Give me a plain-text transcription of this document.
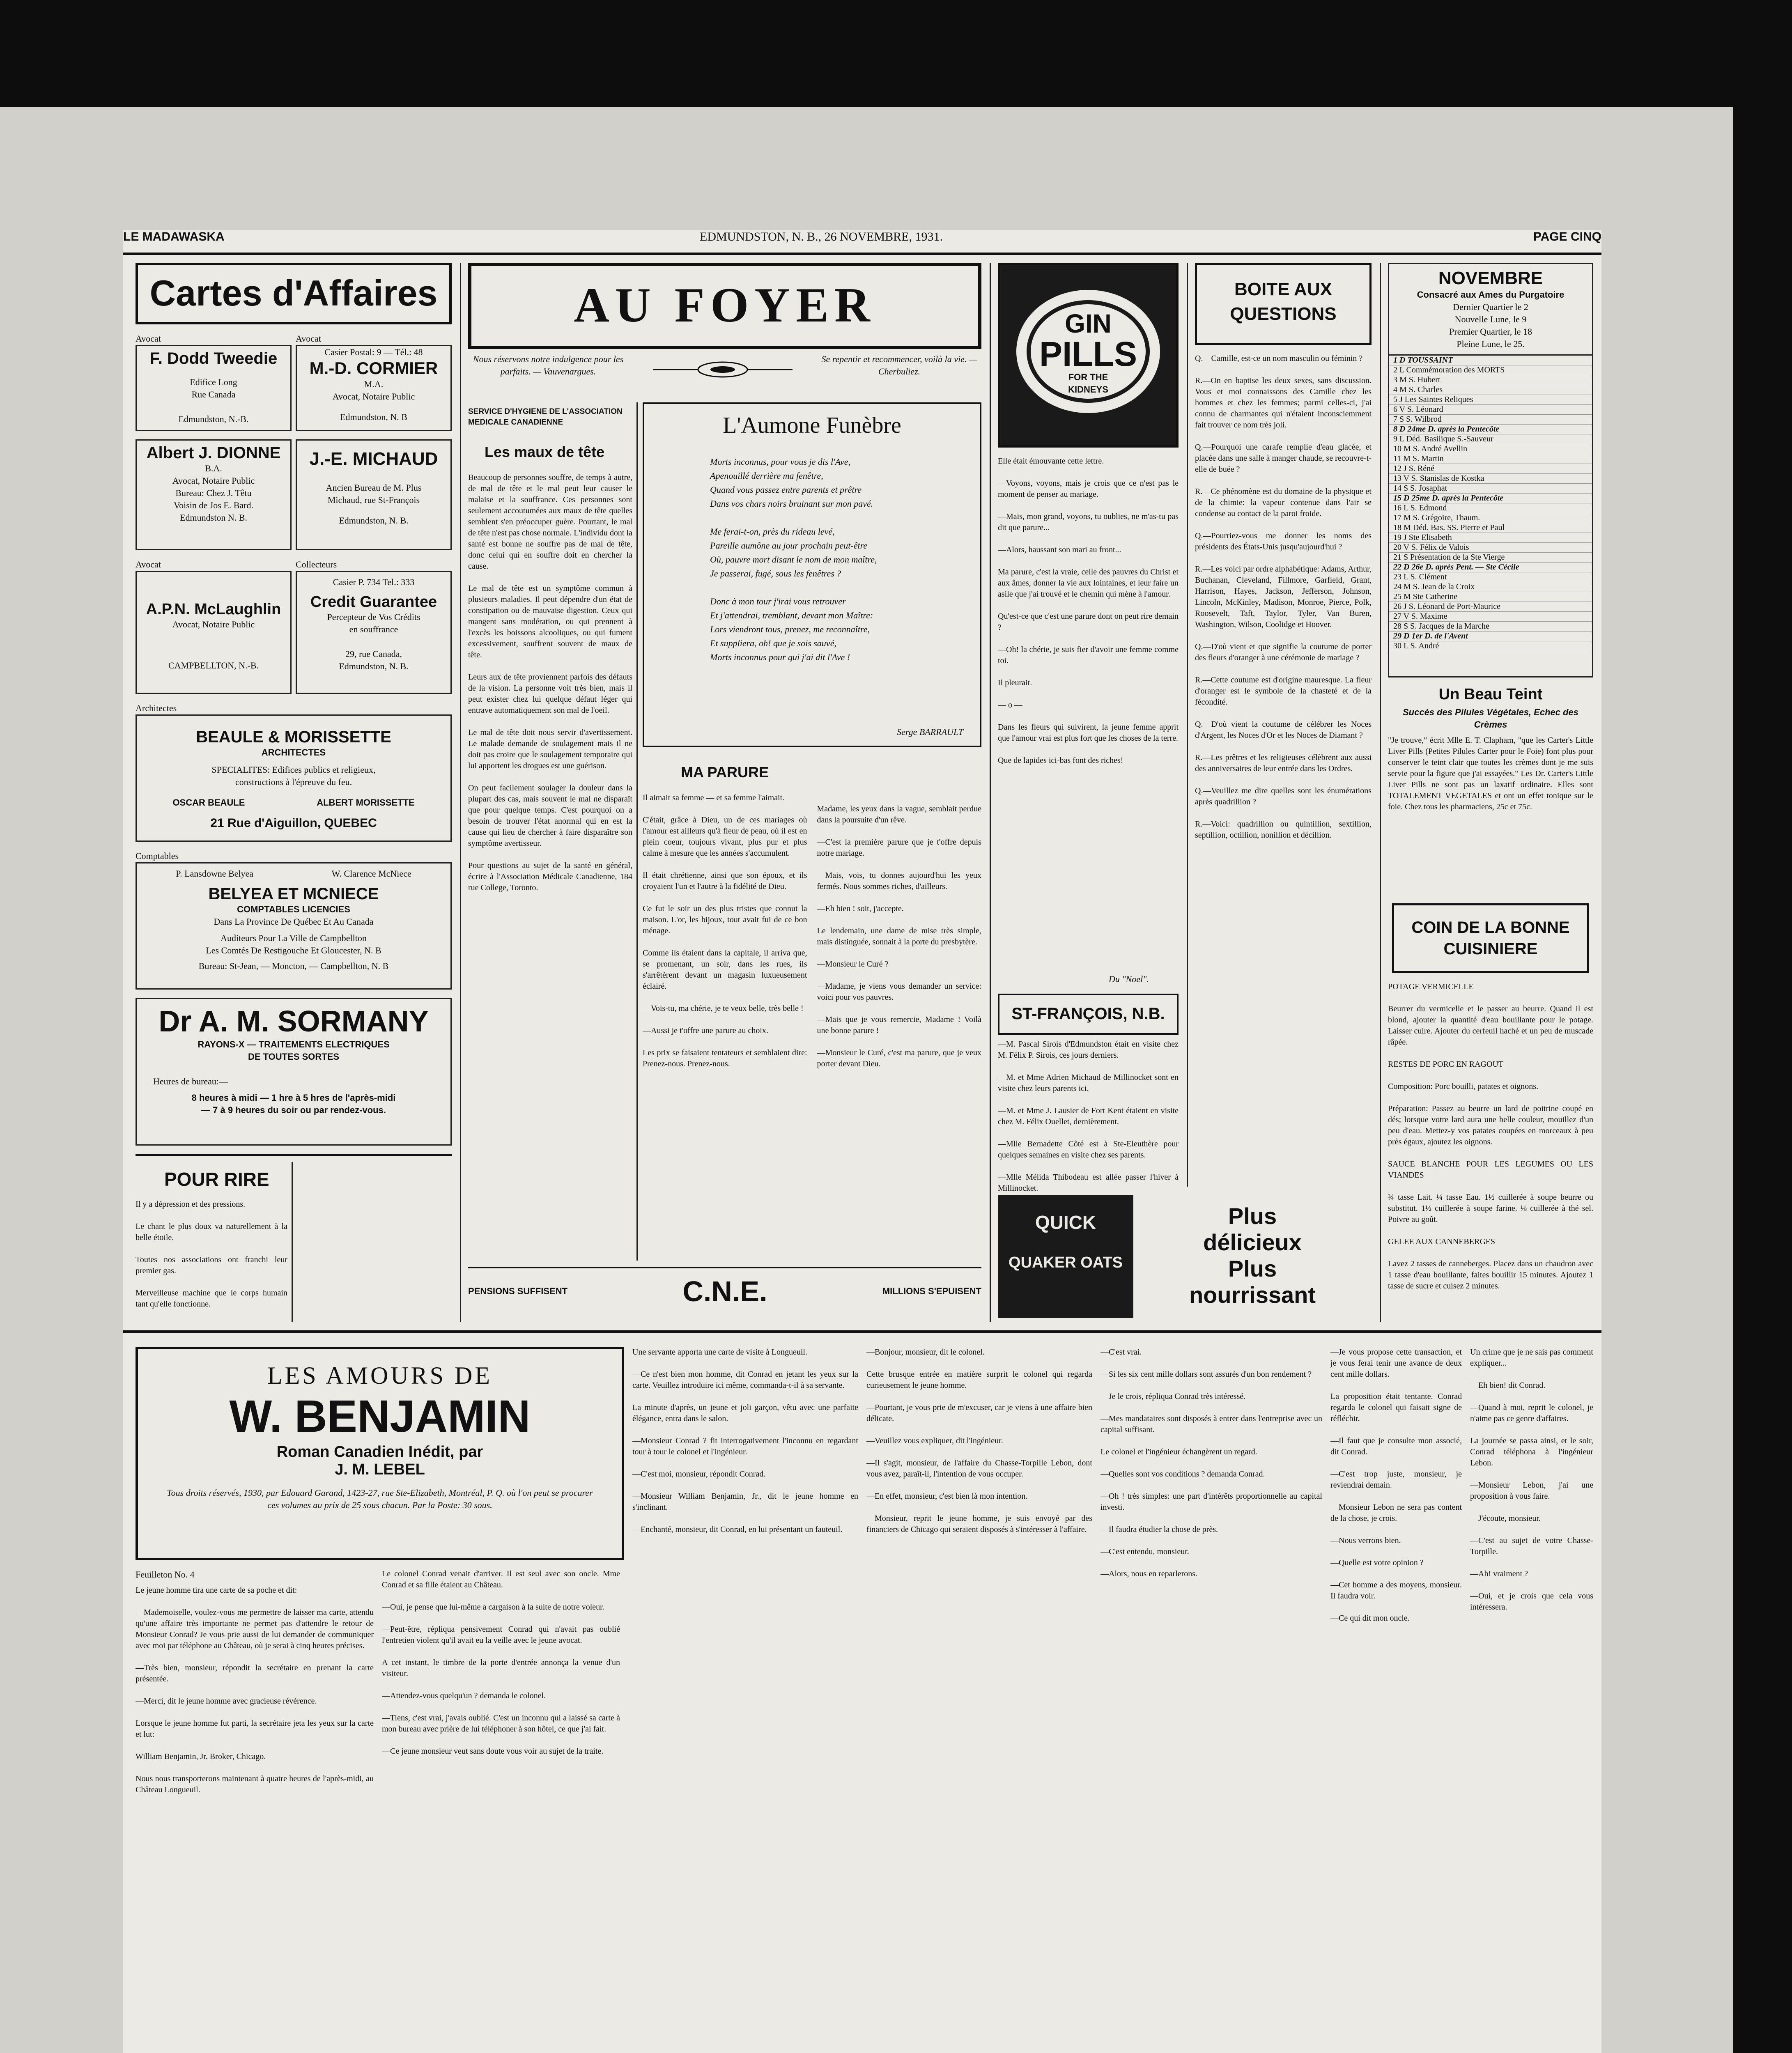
LE MADAWASKA	EDMUNDSTON, N. B., 26 NOVEMBRE, 1931.	PAGE CINQ
Cartes d'Affaires
Avocat
F. Dodd Tweedie
Edifice Long
Rue Canada
Edmundston, N.-B.
Avocat
Casier Postal: 9 — Tél.: 48
M.-D. CORMIER
M.A.
Avocat, Notaire Public
Edmundston, N. B
Albert J. DIONNE
B.A.
Avocat, Notaire Public
Bureau: Chez J. Têtu
Voisin de Jos E. Bard.
Edmundston N. B.
J.-E. MICHAUD
Ancien Bureau de M. Plus
Michaud, rue St-François
Edmundston, N. B.
Avocat
A.P.N. McLaughlin
Avocat, Notaire Public
CAMPBELLTON, N.-B.
Collecteurs
Casier P. 734 Tel.: 333
Credit Guarantee
Percepteur de Vos Crédits
en souffrance
29, rue Canada,
Edmundston, N. B.
Architectes
BEAULE & MORISSETTE
ARCHITECTES
SPECIALITES: Edifices publics et religieux,
constructions à l'épreuve du feu.
OSCAR BEAULE	ALBERT MORISSETTE
21 Rue d'Aiguillon, QUEBEC
Comptables
P. Lansdowne Belyea	W. Clarence McNiece
BELYEA ET MCNIECE
COMPTABLES LICENCIES
Dans La Province De Québec Et Au Canada
Auditeurs Pour La Ville de Campbellton
Les Comtés De Restigouche Et Gloucester, N. B
Bureau: St-Jean, — Moncton, — Campbellton, N. B
Dr A. M. SORMANY
RAYONS-X — TRAITEMENTS ELECTRIQUES
DE TOUTES SORTES
Heures de bureau:—
8 heures à midi — 1 hre à 5 hres de l'après-midi
— 7 à 9 heures du soir ou par rendez-vous.
POUR RIRE
Il y a dépression et des pressions.

Le chant le plus doux va naturellement à la belle étoile.

Toutes nos associations ont franchi leur premier gas.

Merveilleuse machine que le corps humain tant qu'elle fonctionne.

AU FOYER
Nous réservons notre indulgence pour les parfaits. — Vauvenargues.
Se repentir et recommencer, voilà la vie. — Cherbuliez.
SERVICE D'HYGIENE DE L'ASSOCIATION MEDICALE CANADIENNE
Les maux de tête
Beaucoup de personnes souffre, de temps à autre, de mal de tête et le mal peut leur causer le malaise et la souffrance. Ces personnes sont seulement accoutumées aux maux de tête quelles semblent s'en préoccuper guère. Pourtant, le mal de tête n'est pas chose normale. L'individu dont la santé est bonne ne souffre pas de mal de tête, donc celui qui en souffre doit en chercher la cause.

Le mal de tête est un symptôme commun à plusieurs maladies. Il peut dépendre d'un état de constipation ou de mauvaise digestion. Ceux qui mangent sans modération, ou qui prennent à l'excès les boissons alcooliques, ou qui fument excessivement, souffrent souvent de maux de tête.

Leurs aux de tête proviennent parfois des défauts de la vision. La personne voit très bien, mais il peut exister chez lui quelque défaut léger qui entrave automatiquement son mal de l'oeil.

Le mal de tête doit nous servir d'avertissement. Le malade demande de soulagement mais il ne doit pas croire que le soulagement temporaire qui lui apportent les drogues est une guérison.

On peut facilement soulager la douleur dans la plupart des cas, mais souvent le mal ne disparaît que pour quelque temps. C'est pourquoi on a besoin de trouver l'état anormal qui en est la cause qui lieu de chercher à faire disparaître son symptôme avertisseur.

Pour questions au sujet de la santé en général, écrire à l'Association Médicale Canadienne, 184 rue College, Toronto.
L'Aumone Funèbre
Morts inconnus, pour vous je dis l'Ave,
Apenouillé derrière ma fenêtre,
Quand vous passez entre parents et prêtre
Dans vos chars noirs bruinant sur mon pavé.

Me ferai-t-on, près du rideau levé,
Pareille aumône au jour prochain peut-être
Où, pauvre mort disant le nom de mon maître,
Je passerai, fugé, sous les fenêtres ?

Donc à mon tour j'irai vous retrouver
Et j'attendrai, tremblant, devant mon Maître:
Lors viendront tous, prenez, me reconnaître,
Et suppliera, oh! que je sois sauvé,
Morts inconnus pour qui j'ai dit l'Ave !
Serge BARRAULT
MA PARURE
Il aimait sa femme — et sa femme l'aimait.

C'était, grâce à Dieu, un de ces mariages où l'amour est ailleurs qu'à fleur de peau, où il est en plein coeur, toujours vivant, plus pur et plus calme à mesure que les années s'accumulent.

Il était chrétienne, ainsi que son époux, et ils croyaient l'un et l'autre à la fidélité de Dieu.

Ce fut le soir un des plus tristes que connut la maison. L'or, les bijoux, tout avait fui de ce bon ménage.

Comme ils étaient dans la capitale, il arriva que, se promenant, un soir, dans les rues, ils s'arrêtèrent devant un magasin luxueusement éclairé.

—Vois-tu, ma chérie, je te veux belle, très belle !

—Aussi je t'offre une parure au choix.

Les prix se faisaient tentateurs et semblaient dire: Prenez-nous. Prenez-nous.

Madame, les yeux dans la vague, semblait perdue dans la poursuite d'un rêve.

—C'est la première parure que je t'offre depuis notre mariage.

—Mais, vois, tu donnes aujourd'hui les yeux fermés. Nous sommes riches, d'ailleurs.

—Eh bien ! soit, j'accepte.

Le lendemain, une dame de mise très simple, mais distinguée, sonnait à la porte du presbytère.

—Monsieur le Curé ?

—Madame, je viens vous demander un service: voici pour vos pauvres.

—Mais que je vous remercie, Madame ! Voilà une bonne parure !

—Monsieur le Curé, c'est ma parure, que je veux porter devant Dieu.
GIN
PILLS
FOR THE
KIDNEYS
Elle était émouvante cette lettre.

—Voyons, voyons, mais je crois que ce n'est pas le moment de penser au mariage.

—Mais, mon grand, voyons, tu oublies, ne m'as-tu pas dit que parure...

—Alors, haussant son mari au front...

Ma parure, c'est la vraie, celle des pauvres du Christ et aux âmes, donner la vie aux lointaines, et leur faire un asile que j'ai trouvé et le chemin qui mène à l'amour.

Qu'est-ce que c'est une parure dont on peut rire demain ?

—Oh! la chérie, je suis fier d'avoir une femme comme toi.

Il pleurait.

— o —

Dans les fleurs qui suivirent, la jeune femme apprit que l'amour vrai est plus fort que les choses de la terre.

Que de lapides ici-bas font des riches!
Du "Noel".
ST-FRANÇOIS, N.B.
—M. Pascal Sirois d'Edmundston était en visite chez M. Félix P. Sirois, ces jours derniers.

—M. et Mme Adrien Michaud de Millinocket sont en visite chez leurs parents ici.

—M. et Mme J. Lausier de Fort Kent étaient en visite chez M. Félix Ouellet, dernièrement.

—Mlle Bernadette Côté est à Ste-Eleuthère pour quelques semaines en visite chez ses parents.

—Mlle Mélida Thibodeau est allée passer l'hiver à Millinocket.
BOITE AUX QUESTIONS
Q.—Camille, est-ce un nom masculin ou féminin ?

R.—On en baptise les deux sexes, sans discussion. Vous et moi connaissons des Camille chez les hommes et chez les femmes; parmi celles-ci, j'ai connu de charmantes qui n'étaient inconsciemment fait trouver ce nom très joli.

Q.—Pourquoi une carafe remplie d'eau glacée, et placée dans une salle à manger chaude, se recouvre-t-elle de buée ?

R.—Ce phénomène est du domaine de la physique et de la chimie: la vapeur contenue dans l'air se condense au contact de la paroi froide.

Q.—Pourriez-vous me donner les noms des présidents des États-Unis jusqu'aujourd'hui ?

R.—Les voici par ordre alphabétique: Adams, Arthur, Buchanan, Cleveland, Fillmore, Garfield, Grant, Harrison, Hayes, Jackson, Jefferson, Johnson, Lincoln, McKinley, Madison, Monroe, Pierce, Polk, Roosevelt, Taft, Taylor, Tyler, Van Buren, Washington, Wilson, Coolidge et Hoover.

Q.—D'où vient et que signifie la coutume de porter des fleurs d'oranger à une cérémonie de mariage ?

R.—Cette coutume est d'origine mauresque. La fleur d'oranger est le symbole de la chasteté et de la fécondité.

Q.—D'où vient la coutume de célébrer les Noces d'Argent, les Noces d'Or et les Noces de Diamant ?

R.—Les prêtres et les religieuses célèbrent aux aussi des anniversaires de leur entrée dans les Ordres.

Q.—Veuillez me dire quelles sont les énumérations après quadrillion ?

R.—Voici: quadrillion ou quintillion, sextillion, septillion, octillion, nonillion et décillion.
NOVEMBRE
Consacré aux Ames du Purgatoire
Dernier Quartier le 2
Nouvelle Lune, le 9
Premier Quartier, le 18
Pleine Lune, le 25.
1 D TOUSSAINT
2 L Commémoration des MORTS
3 M S. Hubert
4 M S. Charles
5 J Les Saintes Reliques
6 V S. Léonard
7 S S. Wilbrod
8 D 24me D. après la Pentecôte
9 L Déd. Basilique S.-Sauveur
10 M S. André Avellin
11 M S. Martin
12 J S. Réné
13 V S. Stanislas de Kostka
14 S S. Josaphat
15 D 25me D. après la Pentecôte
16 L S. Edmond
17 M S. Grégoire, Thaum.
18 M Déd. Bas. SS. Pierre et Paul
19 J Ste Elisabeth
20 V S. Félix de Valois
21 S Présentation de la Ste Vierge
22 D 26e D. après Pent. — Ste Cécile
23 L S. Clément
24 M S. Jean de la Croix
25 M Ste Catherine
26 J S. Léonard de Port-Maurice
27 V S. Maxime
28 S S. Jacques de la Marche
29 D 1er D. de l'Avent
30 L S. André
Un Beau Teint
Succès des Pilules Végétales, Echec des Crèmes
"Je trouve," écrit Mlle E. T. Clapham, "que les Carter's Little Liver Pills (Petites Pilules Carter pour le Foie) font plus pour conserver le teint clair que toutes les crèmes dont je me suis servie pour la figure que j'ai essayées." Les Dr. Carter's Little Liver Pills ne sont pas un laxatif ordinaire. Elles sont TOTALEMENT VEGETALES et ont un effet tonique sur le foie. Chez tous les pharmaciens, 25c et 75c.
COIN DE LA BONNE CUISINIERE
POTAGE VERMICELLE

Beurrer du vermicelle et le passer au beurre. Quand il est blond, ajouter la quantité d'eau bouillante pour le potage. Laisser cuire. Ajouter du cerfeuil haché et un peu de muscade râpée.

RESTES DE PORC EN RAGOUT

Composition: Porc bouilli, patates et oignons.

Préparation: Passez au beurre un lard de poitrine coupé en dés; lorsque votre lard aura une belle couleur, mouillez d'un peu d'eau. Mettez-y vos patates coupées en morceaux à peu près égaux, ajoutez les oignons.

SAUCE BLANCHE POUR LES LEGUMES OU LES VIANDES

¾ tasse Lait. ¼ tasse Eau. 1½ cuillerée à soupe beurre ou substitut. 1½ cuillerée à soupe farine. ⅛ cuillerée à thé sel. Poivre au goût.

GELEE AUX CANNEBERGES

Lavez 2 tasses de canneberges. Placez dans un chaudron avec 1 tasse d'eau bouillante, faites bouillir 15 minutes. Ajoutez 1 tasse de sucre et cuisez 2 minutes.
PENSIONS SUFFISENT	C.N.E.	MILLIONS S'EPUISENT
QUICK
QUAKER OATS
Plus
délicieux
Plus
nourrissant
LES AMOURS DE
W. BENJAMIN
Roman Canadien Inédit, par
J. M. LEBEL
Tous droits réservés, 1930, par Edouard Garand, 1423-27, rue Ste-Elizabeth, Montréal, P. Q. où l'on peut se procurer ces volumes au prix de 25 sous chacun. Par la Poste: 30 sous.
Feuilleton No. 4
Le jeune homme tira une carte de sa poche et dit:

—Mademoiselle, voulez-vous me permettre de laisser ma carte, attendu qu'une affaire très importante ne permet pas d'attendre le retour de Monsieur Conrad? Je vous prie aussi de lui demander de communiquer avec moi par téléphone au Château, où je serai à cinq heures précises.

—Très bien, monsieur, répondit la secrétaire en prenant la carte présentée.

—Merci, dit le jeune homme avec gracieuse révérence.

Lorsque le jeune homme fut parti, la secrétaire jeta les yeux sur la carte et lut:

William Benjamin, Jr. Broker, Chicago.

Nous nous transporterons maintenant à quatre heures de l'après-midi, au Château Longueuil.
Le colonel Conrad venait d'arriver. Il est seul avec son oncle. Mme Conrad et sa fille étaient au Château.

—Oui, je pense que lui-même a cargaison à la suite de notre voleur.

—Peut-être, répliqua pensivement Conrad qui n'avait pas oublié l'entretien violent qu'il avait eu la veille avec le jeune avocat.

A cet instant, le timbre de la porte d'entrée annonça la venue d'un visiteur.

—Attendez-vous quelqu'un ? demanda le colonel.

—Tiens, c'est vrai, j'avais oublié. C'est un inconnu qui a laissé sa carte à mon bureau avec prière de lui téléphoner à son hôtel, ce que j'ai fait.

—Ce jeune monsieur veut sans doute vous voir au sujet de la traite.
Une servante apporta une carte de visite à Longueuil.

—Ce n'est bien mon homme, dit Conrad en jetant les yeux sur la carte. Veuillez introduire ici même, commanda-t-il à sa servante.

La minute d'après, un jeune et joli garçon, vêtu avec une parfaite élégance, entra dans le salon.

—Monsieur Conrad ? fit interrogativement l'inconnu en regardant tour à tour le colonel et l'ingénieur.

—C'est moi, monsieur, répondit Conrad.

—Monsieur William Benjamin, Jr., dit le jeune homme en s'inclinant.

—Enchanté, monsieur, dit Conrad, en lui présentant un fauteuil.
—Bonjour, monsieur, dit le colonel.

Cette brusque entrée en matière surprit le colonel qui regarda curieusement le jeune homme.

—Pourtant, je vous prie de m'excuser, car je viens à une affaire bien délicate.

—Veuillez vous expliquer, dit l'ingénieur.

—Il s'agit, monsieur, de l'affaire du Chasse-Torpille Lebon, dont vous avez, paraît-il, l'intention de vous occuper.

—En effet, monsieur, c'est bien là mon intention.

—Monsieur, reprit le jeune homme, je suis envoyé par des financiers de Chicago qui seraient disposés à s'intéresser à l'affaire.
—C'est vrai.

—Si les six cent mille dollars sont assurés d'un bon rendement ?

—Je le crois, répliqua Conrad très intéressé.

—Mes mandataires sont disposés à entrer dans l'entreprise avec un capital suffisant.

Le colonel et l'ingénieur échangèrent un regard.

—Quelles sont vos conditions ? demanda Conrad.

—Oh ! très simples: une part d'intérêts proportionnelle au capital investi.

—Il faudra étudier la chose de près.

—C'est entendu, monsieur.

—Alors, nous en reparlerons.
—Je vous propose cette transaction, et je vous ferai tenir une avance de deux cent mille dollars.

La proposition était tentante. Conrad regarda le colonel qui faisait signe de réfléchir.

—Il faut que je consulte mon associé, dit Conrad.

—C'est trop juste, monsieur, je reviendrai demain.

—Monsieur Lebon ne sera pas content de la chose, je crois.

—Nous verrons bien.

—Quelle est votre opinion ?

—Cet homme a des moyens, monsieur. Il faudra voir.

—Ce qui dit mon oncle.
Un crime que je ne sais pas comment expliquer...

—Eh bien! dit Conrad.

—Quand à moi, reprit le colonel, je n'aime pas ce genre d'affaires.

La journée se passa ainsi, et le soir, Conrad téléphona à l'ingénieur Lebon.

—Monsieur Lebon, j'ai une proposition à vous faire.

—J'écoute, monsieur.

—C'est au sujet de votre Chasse-Torpille.

—Ah! vraiment ?

—Oui, et je crois que cela vous intéressera.
